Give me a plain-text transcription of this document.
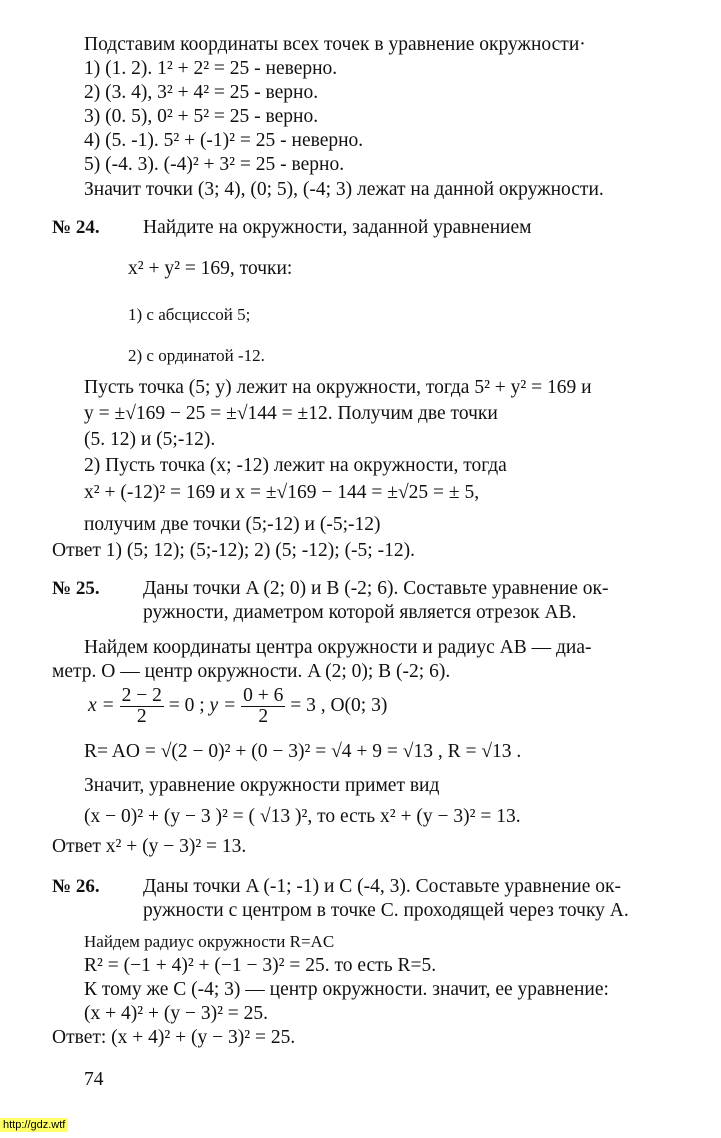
Подставим координаты всех точек в уравнение окружности·
1) (1. 2). 1² + 2² = 25 - неверно.
2) (3. 4), 3² + 4² = 25 - верно.
3) (0. 5), 0² + 5² = 25 - верно.
4) (5. -1). 5² + (-1)² = 25 - неверно.
5) (-4. 3). (-4)² + 3² = 25 - верно.
Значит точки (3; 4), (0; 5), (-4; 3) лежат на данной окружности.
№ 24. Найдите на окружности, заданной уравнением
x² + y² = 169, точки:
1) с абсциссой 5;
2) с ординатой -12.
Пусть точка (5; y) лежит на окружности, тогда 5² + y² = 169 и
y = ±√169 − 25 = ±√144 = ±12. Получим две точки
(5. 12) и (5;-12).
2) Пусть точка (x; -12) лежит на окружности, тогда
x² + (-12)² = 169 и x = ±√169 − 144 = ±√25 = ± 5,
получим две точки (5;-12) и (-5;-12)
Ответ 1) (5; 12); (5;-12); 2) (5; -12); (-5; -12).
№ 25. Даны точки A (2; 0) и B (-2; 6). Составьте уравнение ок-
ружности, диаметром которой является отрезок AB.
Найдем координаты центра окружности и радиус AB — диа-
метр. O — центр окружности. A (2; 0); B (-2; 6).
$x = \frac{2 - 2}{2} = 0$ ; $y = \frac{0 + 6}{2} = 3$ , O(0; 3)
R= AO = √(2 − 0)² + (0 − 3)² = √4 + 9 = √13 , R = √13 .
Значит, уравнение окружности примет вид
(x − 0)² + (y − 3 )² = ( √13 )², то есть x² + (y − 3)² = 13.
Ответ x² + (y − 3)² = 13.
№ 26. Даны точки A (-1; -1) и C (-4, 3). Составьте уравнение ок-
ружности с центром в точке C. проходящей через точку A.
Найдем радиус окружности R=AC
R² = (−1 + 4)² + (−1 − 3)² = 25. то есть R=5.
К тому же C (-4; 3) — центр окружности. значит, ее уравнение:
(x + 4)² + (y − 3)² = 25.
Ответ: (x + 4)² + (y − 3)² = 25.
74
http://gdz.wtf
